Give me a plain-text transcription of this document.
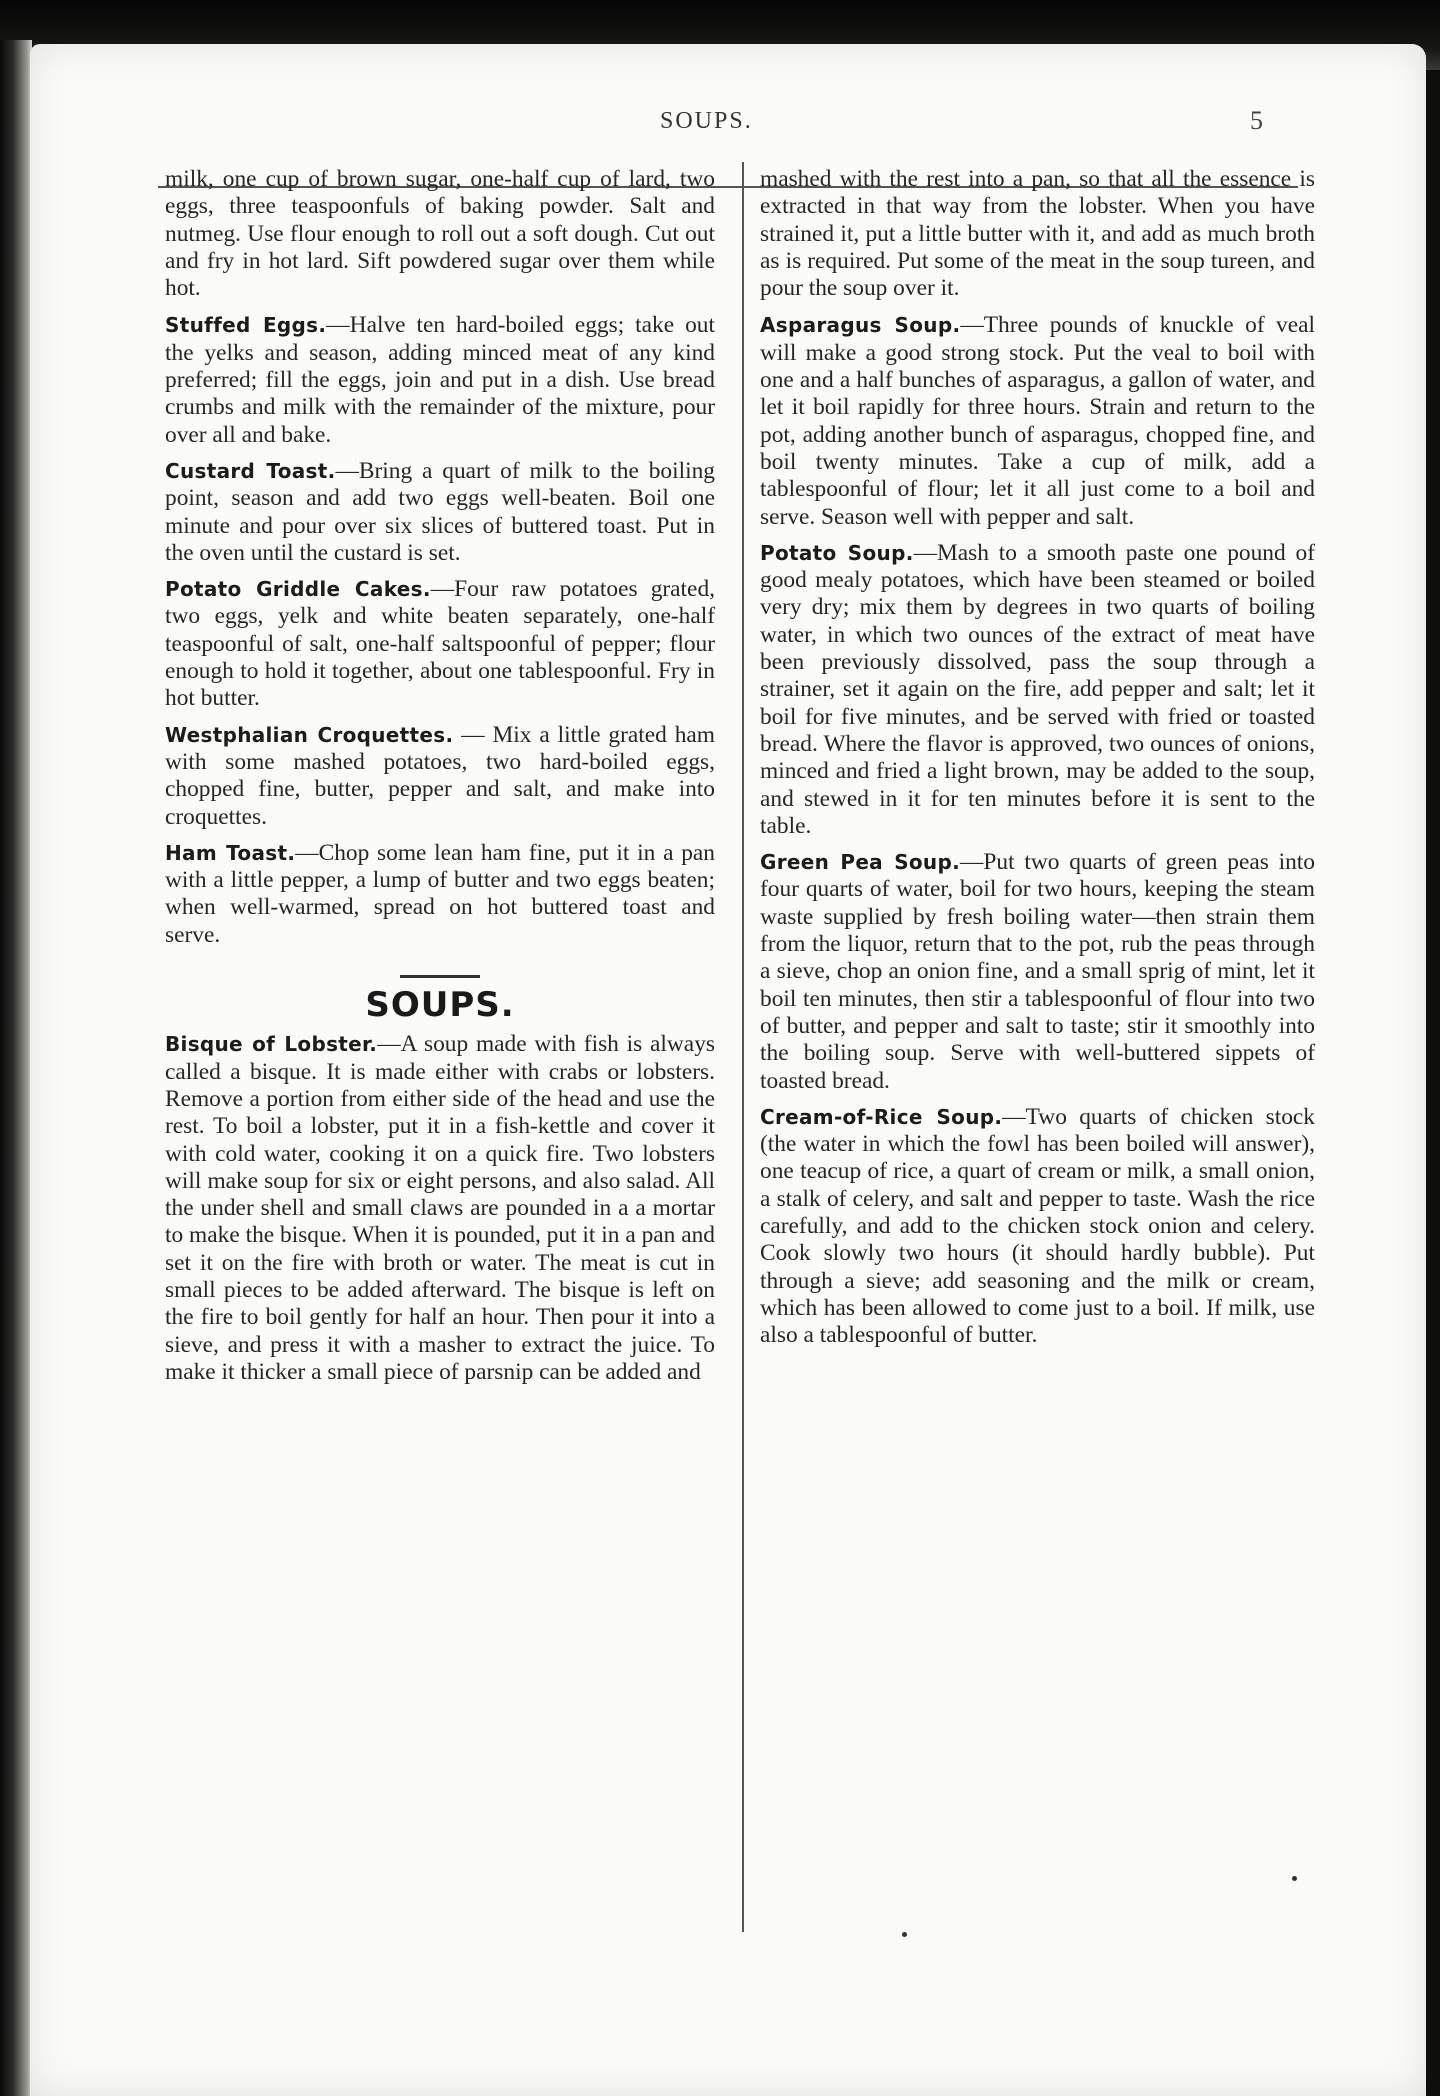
SOUPS.	5

milk, one cup of brown sugar, one-half cup of lard, two eggs, three teaspoonfuls of baking powder. Salt and nutmeg. Use flour enough to roll out a soft dough. Cut out and fry in hot lard. Sift powdered sugar over them while hot.

Stuffed Eggs.—Halve ten hard-boiled eggs; take out the yelks and season, adding minced meat of any kind preferred; fill the eggs, join and put in a dish. Use bread crumbs and milk with the remainder of the mixture, pour over all and bake.

Custard Toast.—Bring a quart of milk to the boiling point, season and add two eggs well-beaten. Boil one minute and pour over six slices of buttered toast. Put in the oven until the custard is set.

Potato Griddle Cakes.—Four raw potatoes grated, two eggs, yelk and white beaten separately, one-half teaspoonful of salt, one-half saltspoonful of pepper; flour enough to hold it together, about one tablespoonful. Fry in hot butter.

Westphalian Croquettes. — Mix a little grated ham with some mashed potatoes, two hard-boiled eggs, chopped fine, butter, pepper and salt, and make into croquettes.

Ham Toast.—Chop some lean ham fine, put it in a pan with a little pepper, a lump of butter and two eggs beaten; when well-warmed, spread on hot buttered toast and serve.

SOUPS.

Bisque of Lobster.—A soup made with fish is always called a bisque. It is made either with crabs or lobsters. Remove a portion from either side of the head and use the rest. To boil a lobster, put it in a fish-kettle and cover it with cold water, cooking it on a quick fire. Two lobsters will make soup for six or eight persons, and also salad. All the under shell and small claws are pounded in a a mortar to make the bisque. When it is pounded, put it in a pan and set it on the fire with broth or water. The meat is cut in small pieces to be added afterward. The bisque is left on the fire to boil gently for half an hour. Then pour it into a sieve, and press it with a masher to extract the juice. To make it thicker a small piece of parsnip can be added and

mashed with the rest into a pan, so that all the essence is extracted in that way from the lobster. When you have strained it, put a little butter with it, and add as much broth as is required. Put some of the meat in the soup tureen, and pour the soup over it.

Asparagus Soup.—Three pounds of knuckle of veal will make a good strong stock. Put the veal to boil with one and a half bunches of asparagus, a gallon of water, and let it boil rapidly for three hours. Strain and return to the pot, adding another bunch of asparagus, chopped fine, and boil twenty minutes. Take a cup of milk, add a tablespoonful of flour; let it all just come to a boil and serve. Season well with pepper and salt.

Potato Soup.—Mash to a smooth paste one pound of good mealy potatoes, which have been steamed or boiled very dry; mix them by degrees in two quarts of boiling water, in which two ounces of the extract of meat have been previously dissolved, pass the soup through a strainer, set it again on the fire, add pepper and salt; let it boil for five minutes, and be served with fried or toasted bread. Where the flavor is approved, two ounces of onions, minced and fried a light brown, may be added to the soup, and stewed in it for ten minutes before it is sent to the table.

Green Pea Soup.—Put two quarts of green peas into four quarts of water, boil for two hours, keeping the steam waste supplied by fresh boiling water—then strain them from the liquor, return that to the pot, rub the peas through a sieve, chop an onion fine, and a small sprig of mint, let it boil ten minutes, then stir a tablespoonful of flour into two of butter, and pepper and salt to taste; stir it smoothly into the boiling soup. Serve with well-buttered sippets of toasted bread.

Cream-of-Rice Soup.—Two quarts of chicken stock (the water in which the fowl has been boiled will answer), one teacup of rice, a quart of cream or milk, a small onion, a stalk of celery, and salt and pepper to taste. Wash the rice carefully, and add to the chicken stock onion and celery. Cook slowly two hours (it should hardly bubble). Put through a sieve; add seasoning and the milk or cream, which has been allowed to come just to a boil. If milk, use also a tablespoonful of butter.
